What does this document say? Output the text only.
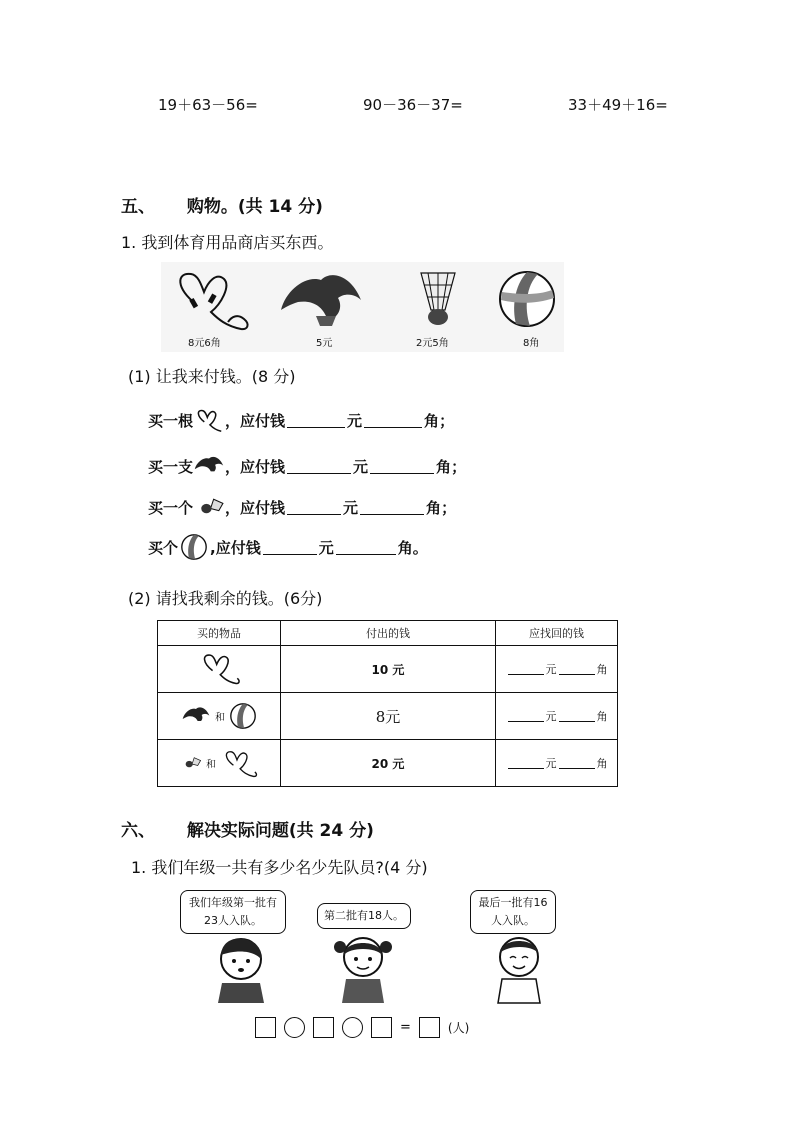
19＋63－56=	90－36－37=	33＋49＋16=
五、 购物。(共 14 分)
1. 我到体育用品商店买东西。
8元6角	5元	2元5角	8角
(1) 让我来付钱。(8 分)
买一根 ，应付钱	元	角 ；
买一支 ，应付钱	元	角 ；
买一个 ，应付钱	元	角 ；
买个 ,应付钱	元	角 。
(2) 请找我剩余的钱。(6分)
买的物品	付出的钱	应找回的钱
	10 元	元 角

和	8元	元 角

和	20 元	元 角
六、 解决实际问题(共 24 分)
1. 我们年级一共有多少名少先队员?(4 分)
我们年级第一批有23人入队。	第二批有18人。
最后一批有16人入队。
=	(人)
